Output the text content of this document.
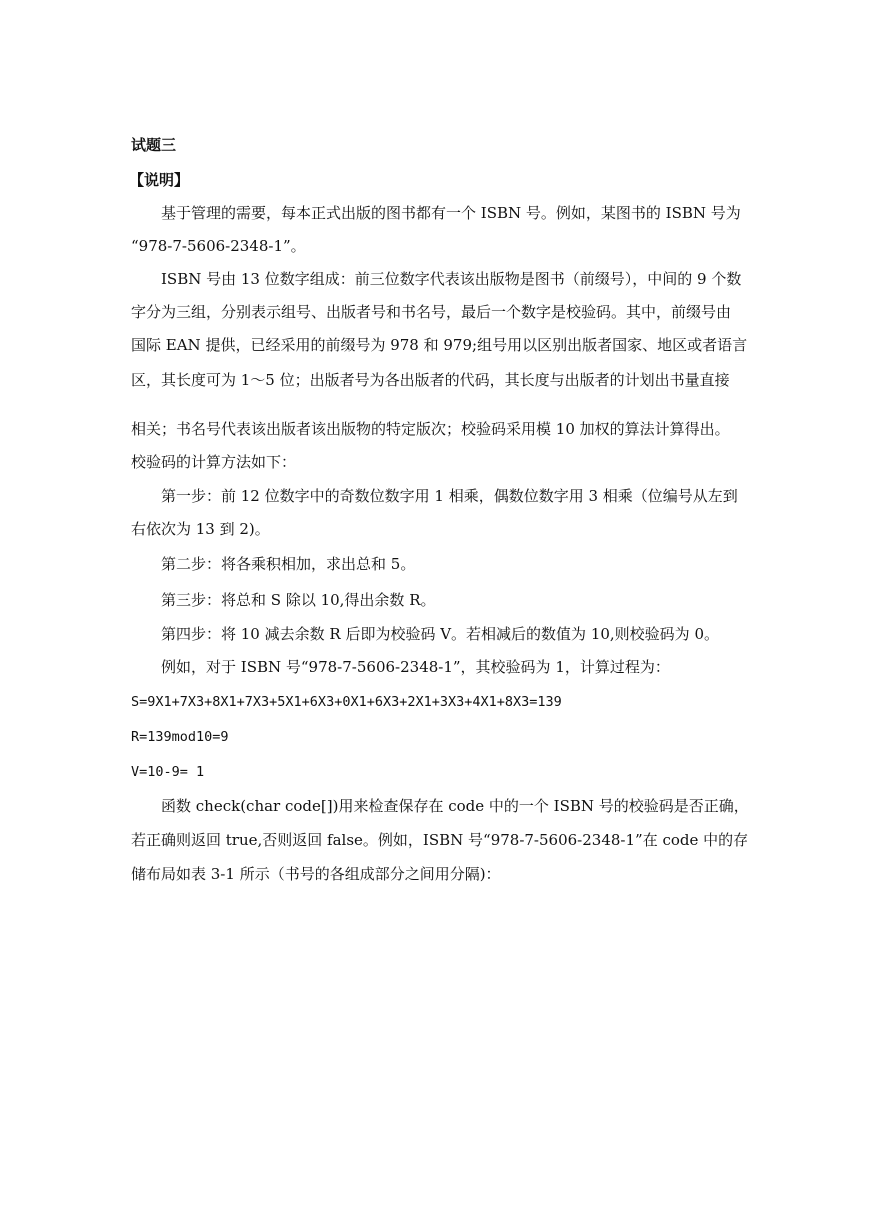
试题三
【说明】
基于管理的需要，每本正式出版的图书都有一个 ISBN 号。例如，某图书的 ISBN 号为
“978-7-5606-2348-1”。
ISBN 号由 13 位数字组成：前三位数字代表该出版物是图书（前缀号），中间的 9 个数
字分为三组，分别表示组号、出版者号和书名号，最后一个数字是校验码。其中，前缀号由
国际 EAN 提供，已经采用的前缀号为 978 和 979;组号用以区别出版者国家、地区或者语言
区，其长度可为 1〜5 位；出版者号为各出版者的代码，其长度与出版者的计划出书量直接
相关；书名号代表该出版者该出版物的特定版次；校验码采用模 10 加权的算法计算得出。
校验码的计算方法如下：
第一步：前 12 位数字中的奇数位数字用 1 相乘，偶数位数字用 3 相乘（位编号从左到
右依次为 13 到 2)。
第二步：将各乘积相加，求出总和 5。
第三步：将总和 S 除以 10,得出余数 R。
第四步：将 10 减去余数 R 后即为校验码 V。若相减后的数值为 10,则校验码为 0。
例如，对于 ISBN 号“978-7-5606-2348-1”，其校验码为 1，计算过程为：
S=9X1+7X3+8X1+7X3+5X1+6X3+0X1+6X3+2X1+3X3+4X1+8X3=139
R=139mod10=9
V=10-9= 1
函数 check(char code[])用来检查保存在 code 中的一个 ISBN 号的校验码是否正确，
若正确则返回 true,否则返回 false。例如，ISBN 号“978-7-5606-2348-1”在 code 中的存
储布局如表 3-1 所示（书号的各组成部分之间用分隔)：
